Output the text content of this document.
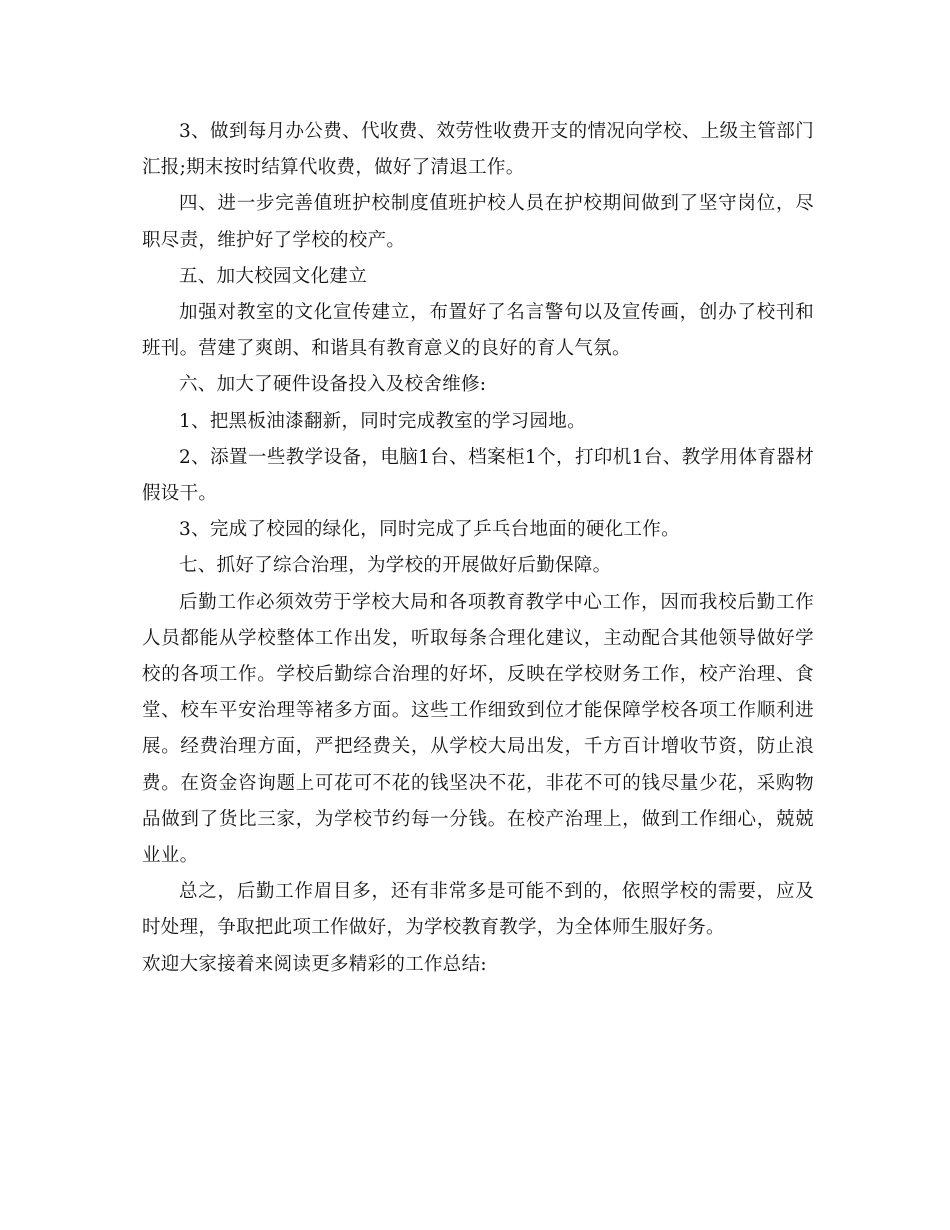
3、做到每月办公费、代收费、效劳性收费开支的情况向学校、上级主管部门汇报;期末按时结算代收费，做好了清退工作。

四、进一步完善值班护校制度值班护校人员在护校期间做到了坚守岗位，尽职尽责，维护好了学校的校产。

五、加大校园文化建立

加强对教室的文化宣传建立，布置好了名言警句以及宣传画，创办了校刊和班刊。营建了爽朗、和谐具有教育意义的良好的育人气氛。

六、加大了硬件设备投入及校舍维修:

1、把黑板油漆翻新，同时完成教室的学习园地。

2、添置一些教学设备，电脑1台、档案柜1个，打印机1台、教学用体育器材假设干。

3、完成了校园的绿化，同时完成了乒乓台地面的硬化工作。

七、抓好了综合治理，为学校的开展做好后勤保障。

后勤工作必须效劳于学校大局和各项教育教学中心工作，因而我校后勤工作人员都能从学校整体工作出发，听取每条合理化建议，主动配合其他领导做好学校的各项工作。学校后勤综合治理的好坏，反映在学校财务工作，校产治理、食堂、校车平安治理等褚多方面。这些工作细致到位才能保障学校各项工作顺利进展。经费治理方面，严把经费关，从学校大局出发，千方百计增收节资，防止浪费。在资金咨询题上可花可不花的钱坚决不花，非花不可的钱尽量少花，采购物品做到了货比三家，为学校节约每一分钱。在校产治理上，做到工作细心，兢兢业业。

总之，后勤工作眉目多，还有非常多是可能不到的，依照学校的需要，应及时处理，争取把此项工作做好，为学校教育教学，为全体师生服好务。

欢迎大家接着来阅读更多精彩的工作总结:
